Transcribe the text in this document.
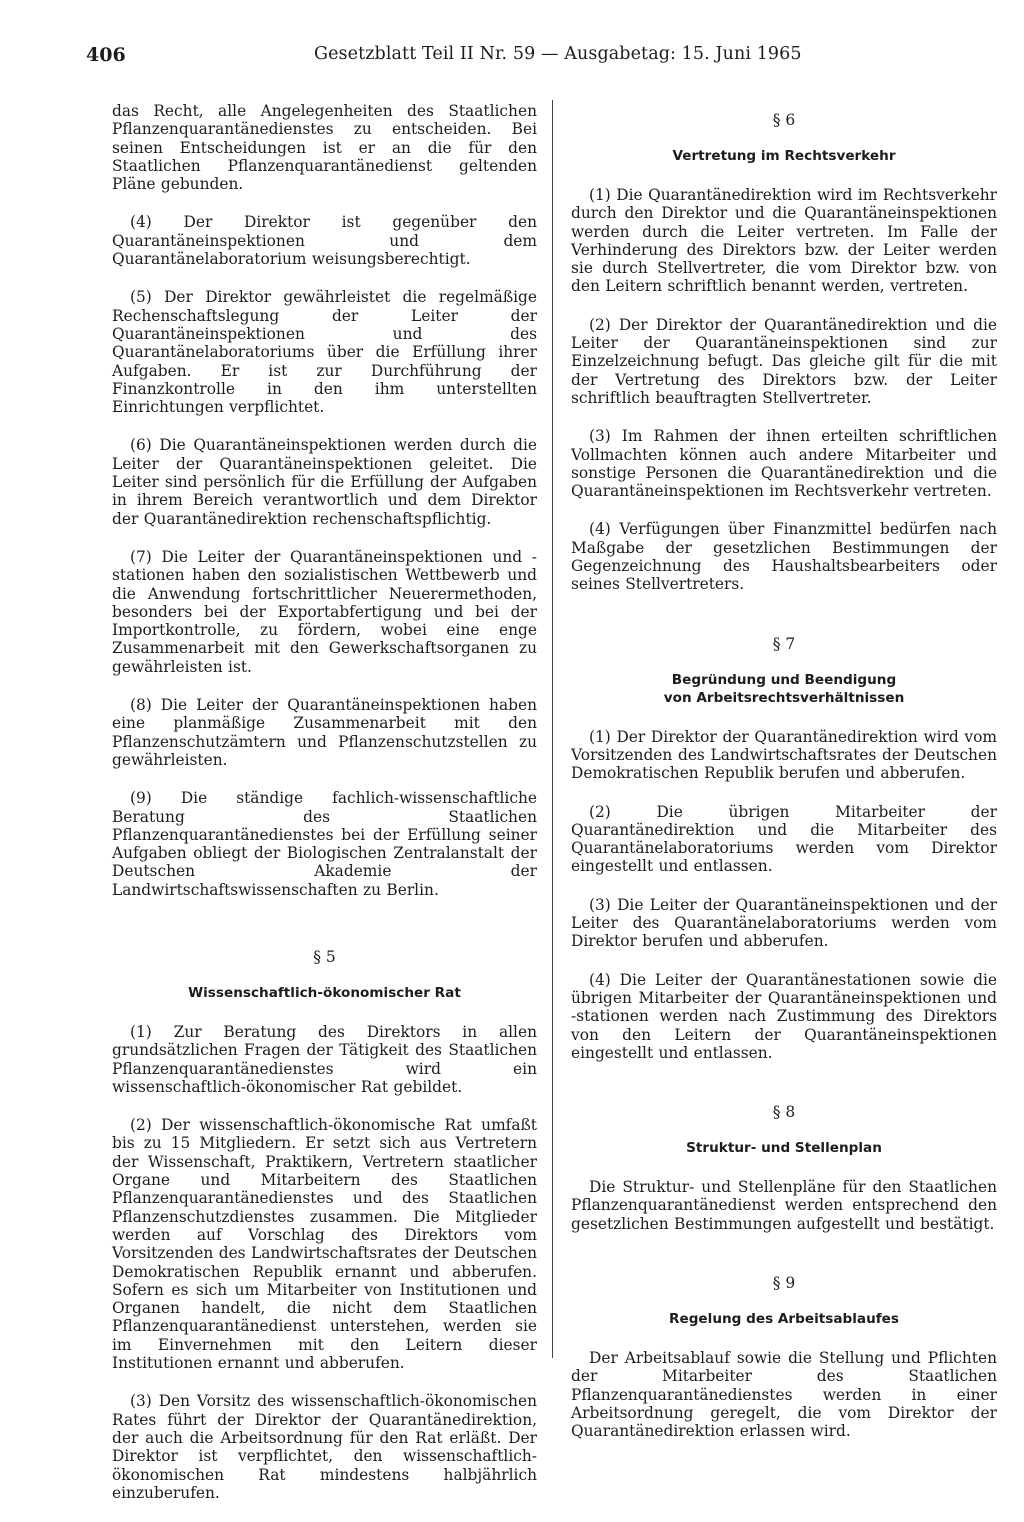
406	Gesetzblatt Teil II Nr. 59 — Ausgabetag: 15. Juni 1965

das Recht, alle Angelegenheiten des Staatlichen Pflanzenquarantänedienstes zu entscheiden. Bei seinen Entscheidungen ist er an die für den Staatlichen Pflanzenquarantänedienst geltenden Pläne gebunden.

(4) Der Direktor ist gegenüber den Quarantäneinspektionen und dem Quarantänelaboratorium weisungsberechtigt.

(5) Der Direktor gewährleistet die regelmäßige Rechenschaftslegung der Leiter der Quarantäneinspektionen und des Quarantänelaboratoriums über die Erfüllung ihrer Aufgaben. Er ist zur Durchführung der Finanzkontrolle in den ihm unterstellten Einrichtungen verpflichtet.

(6) Die Quarantäneinspektionen werden durch die Leiter der Quarantäneinspektionen geleitet. Die Leiter sind persönlich für die Erfüllung der Aufgaben in ihrem Bereich verantwortlich und dem Direktor der Quarantänedirektion rechenschaftspflichtig.

(7) Die Leiter der Quarantäneinspektionen und -stationen haben den sozialistischen Wettbewerb und die Anwendung fortschrittlicher Neuerermethoden, besonders bei der Exportabfertigung und bei der Importkontrolle, zu fördern, wobei eine enge Zusammenarbeit mit den Gewerkschaftsorganen zu gewährleisten ist.

(8) Die Leiter der Quarantäneinspektionen haben eine planmäßige Zusammenarbeit mit den Pflanzenschutzämtern und Pflanzenschutzstellen zu gewährleisten.

(9) Die ständige fachlich-wissenschaftliche Beratung des Staatlichen Pflanzenquarantänedienstes bei der Erfüllung seiner Aufgaben obliegt der Biologischen Zentralanstalt der Deutschen Akademie der Landwirtschaftswissenschaften zu Berlin.

§ 5
Wissenschaftlich-ökonomischer Rat

(1) Zur Beratung des Direktors in allen grundsätzlichen Fragen der Tätigkeit des Staatlichen Pflanzenquarantänedienstes wird ein wissenschaftlich-ökonomischer Rat gebildet.

(2) Der wissenschaftlich-ökonomische Rat umfaßt bis zu 15 Mitgliedern. Er setzt sich aus Vertretern der Wissenschaft, Praktikern, Vertretern staatlicher Organe und Mitarbeitern des Staatlichen Pflanzenquarantänedienstes und des Staatlichen Pflanzenschutzdienstes zusammen. Die Mitglieder werden auf Vorschlag des Direktors vom Vorsitzenden des Landwirtschaftsrates der Deutschen Demokratischen Republik ernannt und abberufen. Sofern es sich um Mitarbeiter von Institutionen und Organen handelt, die nicht dem Staatlichen Pflanzenquarantänedienst unterstehen, werden sie im Einvernehmen mit den Leitern dieser Institutionen ernannt und abberufen.

(3) Den Vorsitz des wissenschaftlich-ökonomischen Rates führt der Direktor der Quarantänedirektion, der auch die Arbeitsordnung für den Rat erläßt. Der Direktor ist verpflichtet, den wissenschaftlich-ökonomischen Rat mindestens halbjährlich einzuberufen.

§ 6
Vertretung im Rechtsverkehr

(1) Die Quarantänedirektion wird im Rechtsverkehr durch den Direktor und die Quarantäneinspektionen werden durch die Leiter vertreten. Im Falle der Verhinderung des Direktors bzw. der Leiter werden sie durch Stellvertreter, die vom Direktor bzw. von den Leitern schriftlich benannt werden, vertreten.

(2) Der Direktor der Quarantänedirektion und die Leiter der Quarantäneinspektionen sind zur Einzelzeichnung befugt. Das gleiche gilt für die mit der Vertretung des Direktors bzw. der Leiter schriftlich beauftragten Stellvertreter.

(3) Im Rahmen der ihnen erteilten schriftlichen Vollmachten können auch andere Mitarbeiter und sonstige Personen die Quarantänedirektion und die Quarantäneinspektionen im Rechtsverkehr vertreten.

(4) Verfügungen über Finanzmittel bedürfen nach Maßgabe der gesetzlichen Bestimmungen der Gegenzeichnung des Haushaltsbearbeiters oder seines Stellvertreters.

§ 7
Begründung und Beendigung
von Arbeitsrechtsverhältnissen

(1) Der Direktor der Quarantänedirektion wird vom Vorsitzenden des Landwirtschaftsrates der Deutschen Demokratischen Republik berufen und abberufen.

(2) Die übrigen Mitarbeiter der Quarantänedirektion und die Mitarbeiter des Quarantänelaboratoriums werden vom Direktor eingestellt und entlassen.

(3) Die Leiter der Quarantäneinspektionen und der Leiter des Quarantänelaboratoriums werden vom Direktor berufen und abberufen.

(4) Die Leiter der Quarantänestationen sowie die übrigen Mitarbeiter der Quarantäneinspektionen und -stationen werden nach Zustimmung des Direktors von den Leitern der Quarantäneinspektionen eingestellt und entlassen.

§ 8
Struktur- und Stellenplan

Die Struktur- und Stellenpläne für den Staatlichen Pflanzenquarantänedienst werden entsprechend den gesetzlichen Bestimmungen aufgestellt und bestätigt.

§ 9
Regelung des Arbeitsablaufes

Der Arbeitsablauf sowie die Stellung und Pflichten der Mitarbeiter des Staatlichen Pflanzenquarantänedienstes werden in einer Arbeitsordnung geregelt, die vom Direktor der Quarantänedirektion erlassen wird.
